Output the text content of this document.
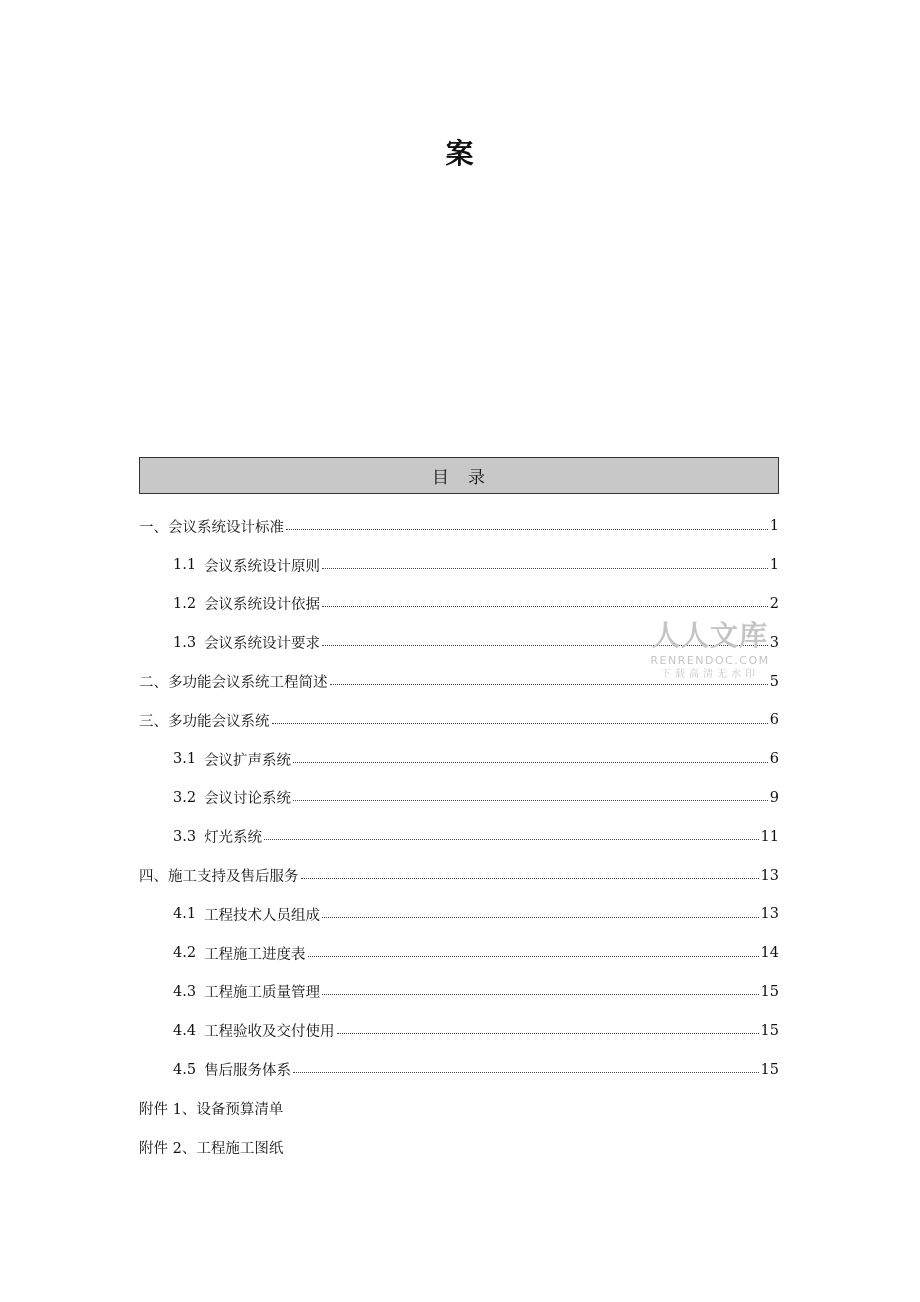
案
目　录
一、会议系统设计标准	1
1.1 会议系统设计原则	1
1.2 会议系统设计依据	2
1.3 会议系统设计要求	3
二、多功能会议系统工程简述	5
三、多功能会议系统	6
3.1 会议扩声系统	6
3.2 会议讨论系统	9
3.3 灯光系统	11
四、施工支持及售后服务	13
4.1 工程技术人员组成	13
4.2 工程施工进度表	14
4.3 工程施工质量管理	15
4.4 工程验收及交付使用	15
4.5 售后服务体系	15
附件 1、设备预算清单
附件 2、工程施工图纸
人人文库
RENRENDOC.COM
下载高清无水印
